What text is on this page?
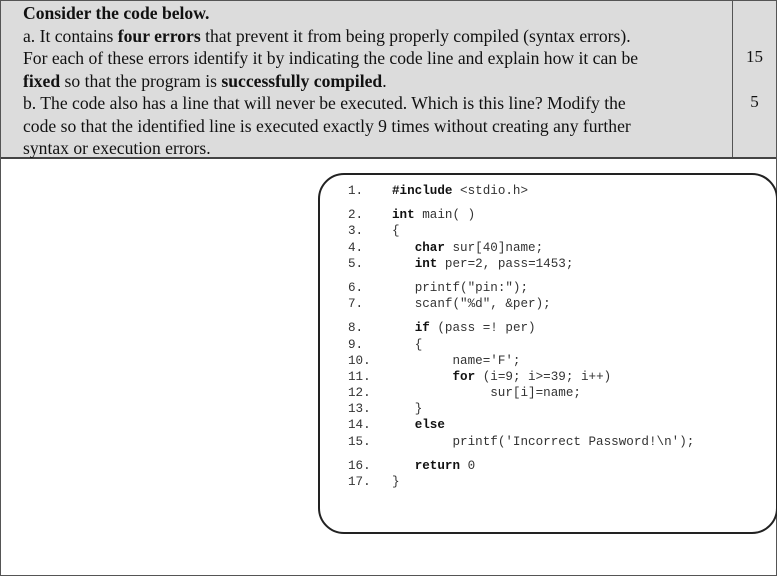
Consider the code below.

a. It contains four errors that prevent it from being properly compiled (syntax errors).

For each of these errors identify it by indicating the code line and explain how it can be

fixed so that the program is successfully compiled.

b. The code also has a line that will never be executed. Which is this line? Modify the

code so that the identified line is executed exactly 9 times without creating any further

syntax or execution errors.

15
5
1.	#include <stdio.h>
2.	int main( )
3.	{
4.	char sur[40]name;
5.	int per=2, pass=1453;
6.	printf("pin:");
7.	scanf("%d", &per);
8.	if (pass =! per)
9.	{
10.	name='F';
11.	for (i=9; i>=39; i++)
12.	sur[i]=name;
13.	}
14.	else
15.	printf('Incorrect Password!\n');
16.	return 0
17.	}
